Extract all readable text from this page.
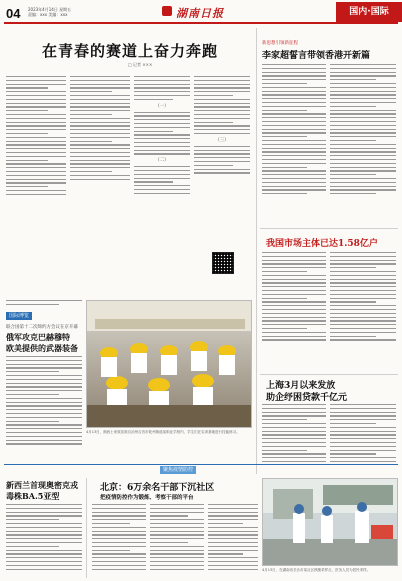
04 2023年4月14日 星期五
责编：xxx 美编：xxx	湖南日报	国内·国际
在青春的赛道上奋力奔跑
□ 记者 ×××
（一）
（二）
（三）
4月13日，湘西土家族苗族自治州吉首市乾州街道某职业学校内，学生们在实训基地进行技能练习。
国际博览
联合国第十二次缔约方会议在京开幕
俄军攻克巴赫穆特
欧美提供的武器装备
新思想引领新征程
李家超誓言带领香港开新篇
我国市场主体已达1.58亿户
上海3月以来发放
助企纾困贷款千亿元
聚焦疫情防控
新西兰首现奥密克戎
毒株BA.5亚型
北京：6万余名干部下沉社区
把疫情防控作为锻炼、考察干部的平台
4月13日，在湖南省长沙市某社区核酸采样点，医务人员为居民采样。
